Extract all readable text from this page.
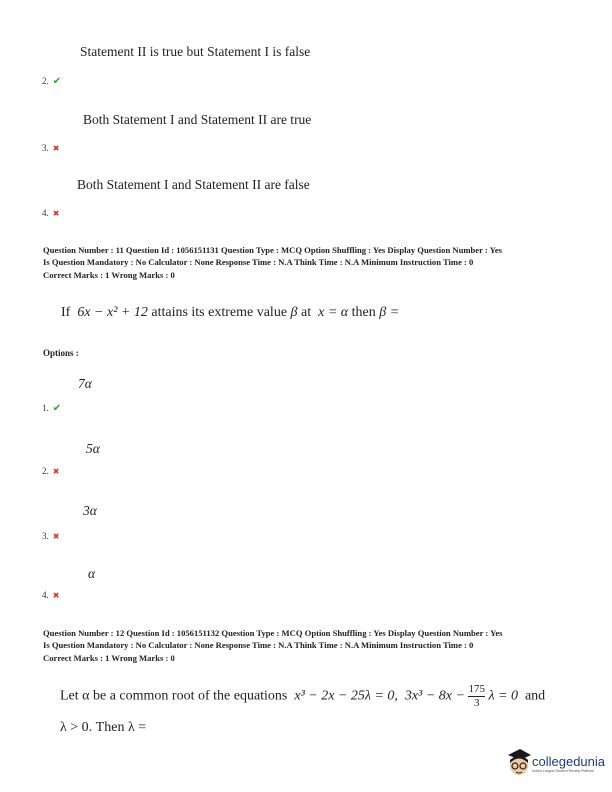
Statement II is true but Statement I is false
2. ✔
Both Statement I and Statement II are true
3. ✖
Both Statement I and Statement II are false
4. ✖
Question Number : 11 Question Id : 1056151131 Question Type : MCQ Option Shuffling : Yes Display Question Number : Yes
Is Question Mandatory : No Calculator : None Response Time : N.A Think Time : N.A Minimum Instruction Time : 0
Correct Marks : 1 Wrong Marks : 0
If 6x − x² + 12 attains its extreme value β at x = α then β =
Options :
7α
1. ✔
5α
2. ✖
3α
3. ✖
α
4. ✖
Question Number : 12 Question Id : 1056151132 Question Type : MCQ Option Shuffling : Yes Display Question Number : Yes
Is Question Mandatory : No Calculator : None Response Time : N.A Think Time : N.A Minimum Instruction Time : 0
Correct Marks : 1 Wrong Marks : 0
Let α be a common root of the equations x³ − 2x − 25λ = 0, $3x^3 - 8x - \frac{175}{3}$ λ = 0 and
λ > 0. Then λ =
collegedunia
India's Largest Student Review Platform
